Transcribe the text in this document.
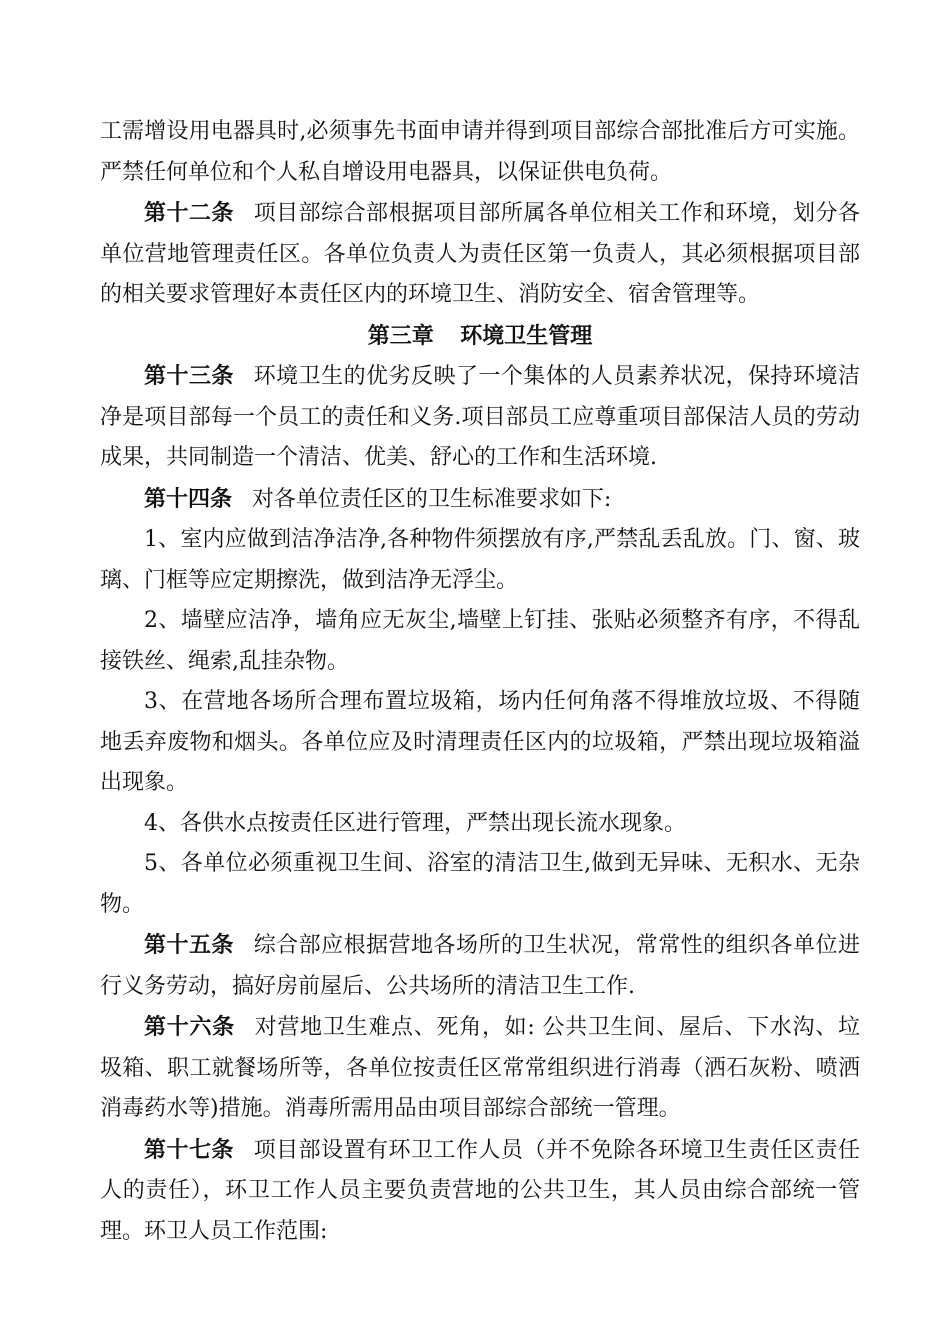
工需增设用电器具时,必须事先书面申请并得到项目部综合部批准后方可实施。严禁任何单位和个人私自增设用电器具，以保证供电负荷。

第十二条 项目部综合部根据项目部所属各单位相关工作和环境，划分各单位营地管理责任区。各单位负责人为责任区第一负责人，其必须根据项目部的相关要求管理好本责任区内的环境卫生、消防安全、宿舍管理等。

第三章 环境卫生管理

第十三条 环境卫生的优劣反映了一个集体的人员素养状况，保持环境洁净是项目部每一个员工的责任和义务.项目部员工应尊重项目部保洁人员的劳动成果，共同制造一个清洁、优美、舒心的工作和生活环境.

第十四条 对各单位责任区的卫生标准要求如下:

1、室内应做到洁净洁净,各种物件须摆放有序,严禁乱丢乱放。门、窗、玻璃、门框等应定期擦洗，做到洁净无浮尘。

2、墙壁应洁净，墙角应无灰尘,墙壁上钉挂、张贴必须整齐有序，不得乱接铁丝、绳索,乱挂杂物。

3、在营地各场所合理布置垃圾箱，场内任何角落不得堆放垃圾、不得随地丢弃废物和烟头。各单位应及时清理责任区内的垃圾箱，严禁出现垃圾箱溢出现象。

4、各供水点按责任区进行管理，严禁出现长流水现象。

5、各单位必须重视卫生间、浴室的清洁卫生,做到无异味、无积水、无杂物。

第十五条 综合部应根据营地各场所的卫生状况，常常性的组织各单位进行义务劳动，搞好房前屋后、公共场所的清洁卫生工作.

第十六条 对营地卫生难点、死角，如: 公共卫生间、屋后、下水沟、垃圾箱、职工就餐场所等，各单位按责任区常常组织进行消毒（洒石灰粉、喷洒消毒药水等)措施。消毒所需用品由项目部综合部统一管理。

第十七条 项目部设置有环卫工作人员（并不免除各环境卫生责任区责任人的责任），环卫工作人员主要负责营地的公共卫生，其人员由综合部统一管理。环卫人员工作范围:
